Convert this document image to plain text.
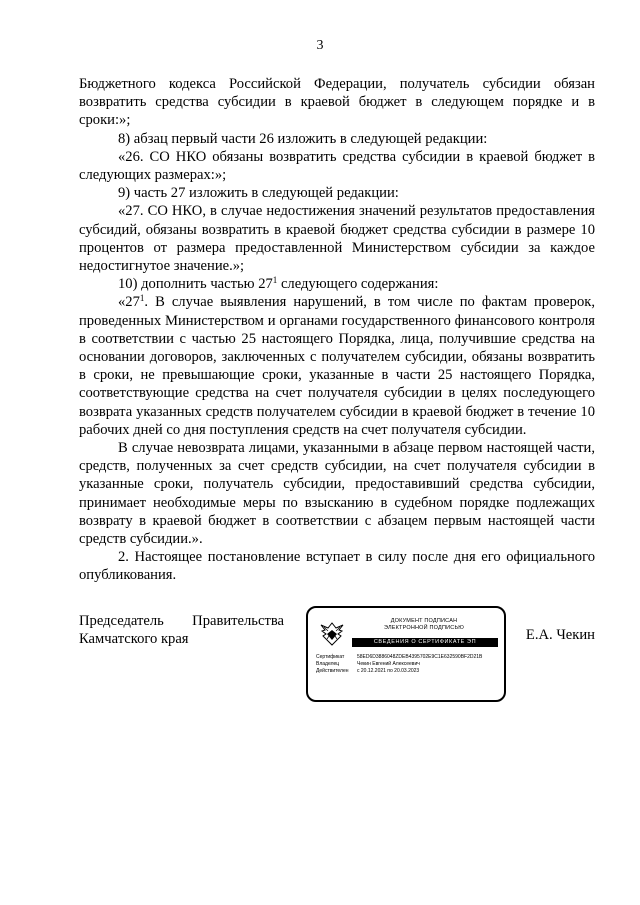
3

Бюджетного кодекса Российской Федерации, получатель субсидии обязан возвратить средства субсидии в краевой бюджет в следующем порядке и в сроки:»;

8) абзац первый части 26 изложить в следующей редакции:

«26. СО НКО обязаны возвратить средства субсидии в краевой бюджет в следующих размерах:»;

9) часть 27 изложить в следующей редакции:

«27. СО НКО, в случае недостижения значений результатов предоставления субсидий, обязаны возвратить в краевой бюджет средства субсидии в размере 10 процентов от размера предоставленной Министерством субсидии за каждое недостигнутое значение.»;

10) дополнить частью $27^1$ следующего содержания:

«$27^1$. В случае выявления нарушений, в том числе по фактам проверок, проведенных Министерством и органами государственного финансового контроля в соответствии с частью 25 настоящего Порядка, лица, получившие средства на основании договоров, заключенных с получателем субсидии, обязаны возвратить в сроки, не превышающие сроки, указанные в части 25 настоящего Порядка, соответствующие средства на счет получателя субсидии в целях последующего возврата указанных средств получателем субсидии в краевой бюджет в течение 10 рабочих дней со дня поступления средств на счет получателя субсидии.

В случае невозврата лицами, указанными в абзаце первом настоящей части, средств, полученных за счет средств субсидии, на счет получателя субсидии в указанные сроки, получатель субсидии, предоставивший средства субсидии, принимает необходимые меры по взысканию в судебном порядке подлежащих возврату в краевой бюджет в соответствии с абзацем первым настоящей части средств субсидии.».

2. Настоящее постановление вступает в силу после дня его официального опубликования.

Председатель Правительства
Камчатского края	Е.А. Чекин
ДОКУМЕНТ ПОДПИСАН
ЭЛЕКТРОННОЙ ПОДПИСЬЮ
СВЕДЕНИЯ О СЕРТИФИКАТЕ ЭП
Сертификат	58ED6D3886048ZDEB4395702E9C1E632590BF2D21B
Владелец	Чекин Евгений Алексеевич
Действителен	с 20.12.2021 по 20.03.2023
